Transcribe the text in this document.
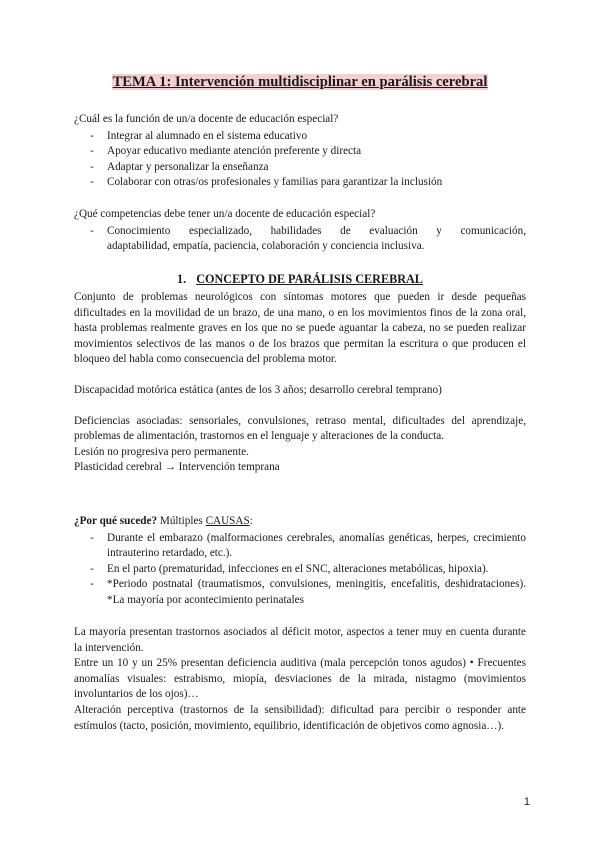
TEMA 1: Intervención multidisciplinar en parálisis cerebral

¿Cuál es la función de un/a docente de educación especial?

- Integrar al alumnado en el sistema educativo
- Apoyar educativo mediante atención preferente y directa
- Adaptar y personalizar la enseñanza
- Colaborar con otras/os profesionales y familias para garantizar la inclusión

¿Qué competencias debe tener un/a docente de educación especial?

- Conocimiento especializado, habilidades de evaluación y comunicación,
adaptabilidad, empatía, paciencia, colaboración y conciencia inclusiva.
1. CONCEPTO DE PARÁLISIS CEREBRAL

Conjunto de problemas neurológicos con síntomas motores que pueden ir desde pequeñas dificultades en la movilidad de un brazo, de una mano, o en los movimientos finos de la zona oral, hasta problemas realmente graves en los que no se puede aguantar la cabeza, no se pueden realizar movimientos selectivos de las manos o de los brazos que permitan la escritura o que producen el bloqueo del habla como consecuencia del problema motor.

Discapacidad motórica estática (antes de los 3 años; desarrollo cerebral temprano)

Deficiencias asociadas: sensoriales, convulsiones, retraso mental, dificultades del aprendizaje, problemas de alimentación, trastornos en el lenguaje y alteraciones de la conducta.

Lesión no progresiva pero permanente.

Plasticidad cerebral → Intervención temprana

¿Por qué sucede? Múltiples CAUSAS:

- Durante el embarazo (malformaciones cerebrales, anomalías genéticas, herpes, crecimiento intrauterino retardado, etc.).
- En el parto (prematuridad, infecciones en el SNC, alteraciones metabólicas, hipoxia).
- *Periodo postnatal (traumatismos, convulsiones, meningitis, encefalitis, deshidrataciones). *La mayoría por acontecimiento perinatales

La mayoría presentan trastornos asociados al déficit motor, aspectos a tener muy en cuenta durante la intervención.

Entre un 10 y un 25% presentan deficiencia auditiva (mala percepción tonos agudos) • Frecuentes anomalías visuales: estrabismo, miopía, desviaciones de la mirada, nistagmo (movimientos involuntarios de los ojos)…

Alteración perceptiva (trastornos de la sensibilidad): dificultad para percibir o responder ante estímulos (tacto, posición, movimiento, equilibrio, identificación de objetivos como agnosia…).

1
